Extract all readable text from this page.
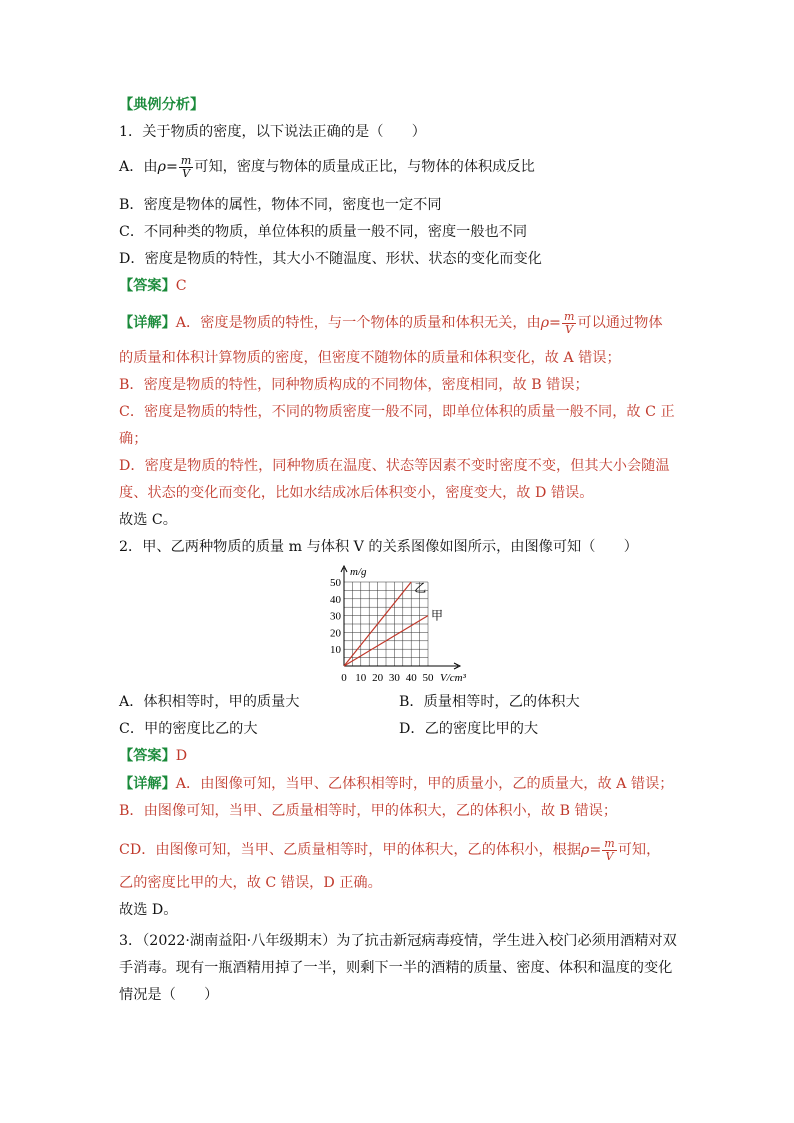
【典例分析】
1．关于物质的密度，以下说法正确的是（　　）
A．由$\rho= \frac{m}{V}$ 可知，密度与物体的质量成正比，与物体的体积成反比
B．密度是物体的属性，物体不同，密度也一定不同
C．不同种类的物质，单位体积的质量一般不同，密度一般也不同
D．密度是物质的特性，其大小不随温度、形状、状态的变化而变化
【答案】C
【详解】A．密度是物质的特性，与一个物体的质量和体积无关，由$\rho= \frac{m}{V}$ 可以通过物体
的质量和体积计算物质的密度，但密度不随物体的质量和体积变化，故 A 错误；
B．密度是物质的特性，同种物质构成的不同物体，密度相同，故 B 错误；
C．密度是物质的特性，不同的物质密度一般不同，即单位体积的质量一般不同，故 C 正
确；
D．密度是物质的特性，同种物质在温度、状态等因素不变时密度不变，但其大小会随温
度、状态的变化而变化，比如水结成冰后体积变小，密度变大，故 D 错误。
故选 C。
2．甲、乙两种物质的质量 m 与体积 V 的关系图像如图所示，由图像可知（　　）
10
20
30
40
50
0 10 20 30 40 50
m/g
V/cm³
乙
甲
A．体积相等时，甲的质量大	B．质量相等时，乙的体积大
C．甲的密度比乙的大	D．乙的密度比甲的大
【答案】D
【详解】A．由图像可知，当甲、乙体积相等时，甲的质量小，乙的质量大，故 A 错误；
B．由图像可知，当甲、乙质量相等时，甲的体积大，乙的体积小，故 B 错误；
CD．由图像可知，当甲、乙质量相等时，甲的体积大，乙的体积小，根据$\rho= \frac{m}{V}$ 可知，
乙的密度比甲的大，故 C 错误，D 正确。
故选 D。
3．（2022·湖南益阳·八年级期末）为了抗击新冠病毒疫情，学生进入校门必须用酒精对双
手消毒。现有一瓶酒精用掉了一半，则剩下一半的酒精的质量、密度、体积和温度的变化
情况是（　　）
